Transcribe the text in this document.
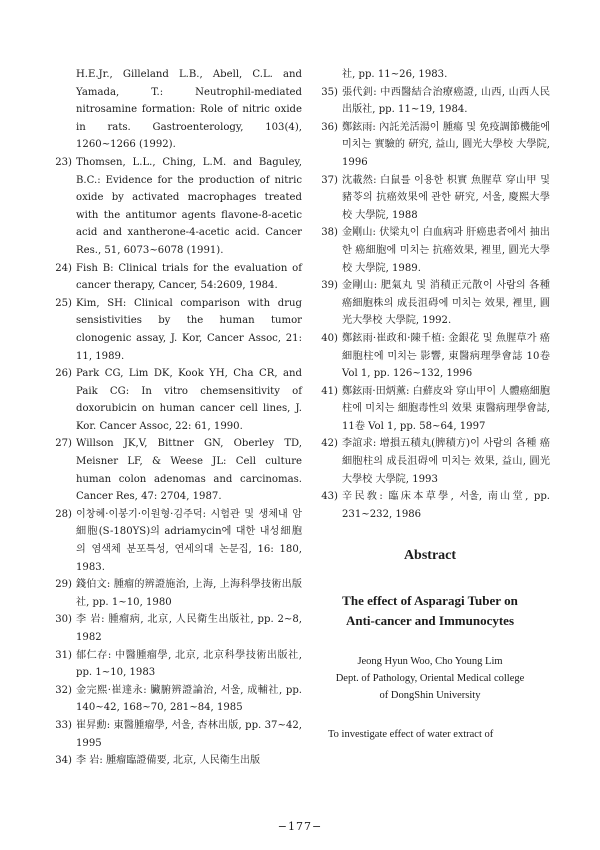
H.E.Jr., Gilleland L.B., Abell, C.L. and Yamada, T.: Neutrophil-mediated nitrosamine formation: Role of nitric oxide in rats. Gastroenterology, 103(4), 1260~1266 (1992).
23) Thomsen, L.L., Ching, L.M. and Baguley, B.C.: Evidence for the production of nitric oxide by activated macrophages treated with the antitumor agents flavone-8-acetic acid and xantherone-4-acetic acid. Cancer Res., 51, 6073~6078 (1991).
24) Fish B: Clinical trials for the evaluation of cancer therapy, Cancer, 54:2609, 1984.
25) Kim, SH: Clinical comparison with drug sensistivities by the human tumor clonogenic assay, J. Kor, Cancer Assoc, 21: 11, 1989.
26) Park CG, Lim DK, Kook YH, Cha CR, and Paik CG: In vitro chemsensitivity of doxorubicin on human cancer cell lines, J. Kor. Cancer Assoc, 22: 61, 1990.
27) Willson JK,V, Bittner GN, Oberley TD, Meisner LF, & Weese JL: Cell culture human colon adenomas and carcinomas. Cancer Res, 47: 2704, 1987.
28) 이창혜·이봉기·이원형·김주덕: 시험관 및 생체내 암細胞(S-180YS)의 adriamycin에 대한 내성細胞의 염색체 분포특성, 연세의대 논문집, 16: 180, 1983.
29) 錢伯文: 腫瘤的辨證施治, 上海, 上海科學技術出版社, pp. 1~10, 1980
30) 李 岩: 腫瘤病, 北京, 人民衛生出版社, pp. 2~8, 1982
31) 郁仁存: 中醫腫瘤學, 北京, 北京科學技術出版社, pp. 1~10, 1983
32) 金完熙·崔達永: 臟腑辨證論治, 서울, 成輔社, pp. 140~42, 168~70, 281~84, 1985
33) 崔昇勳: 東醫腫瘤學, 서울, 杏林出版, pp. 37~42, 1995
34) 李 岩: 腫瘤臨證備要, 北京, 人民衛生出版
社, pp. 11~26, 1983.
35) 張代釗: 中西醫結合治療癌證, 山西, 山西人民出版社, pp. 11~19, 1984.
36) 鄭鉉雨: 內託羌活湯이 腫瘍 및 免疫調節機能에 미치는 實驗的 硏究, 益山, 圓光大學校 大學院, 1996
37) 沈載然: 白鼠를 이용한 枳實 魚腥草 穿山甲 및 豬苓의 抗癌效果에 관한 硏究, 서울, 慶熙大學校 大學院, 1988
38) 金剛山: 伏梁丸이 白血病과 肝癌患者에서 抽出한 癌細胞에 미치는 抗癌效果, 裡里, 圓光大學校 大學院, 1989.
39) 金剛山: 肥氣丸 및 消積正元散이 사람의 各種 癌細胞株의 成長沮碍에 미치는 效果, 裡里, 圓光大學校 大學院, 1992.
40) 鄭鉉雨·崔政和·陳千植: 金銀花 및 魚腥草가 癌細胞柱에 미치는 影響, 東醫病理學會誌 10卷 Vol 1, pp. 126~132, 1996
41) 鄭鉉雨·田炳薰: 白蘚皮와 穿山甲이 人體癌細胞柱에 미치는 細胞毒性의 效果 東醫病理學會誌, 11卷 Vol 1, pp. 58~64, 1997
42) 李誼求: 增損五積丸(脾積方)이 사람의 各種 癌細胞柱의 成長沮碍에 미치는 效果, 益山, 圓光大學校 大學院, 1993
43) 辛民敎: 臨床本草學, 서울, 南山堂, pp. 231~232, 1986
Abstract
The effect of Asparagi Tuber on
Anti-cancer and Immunocytes
Jeong Hyun Woo, Cho Young Lim
Dept. of Pathology, Oriental Medical college
of DongShin University
To investigate effect of water extract of
−177−
